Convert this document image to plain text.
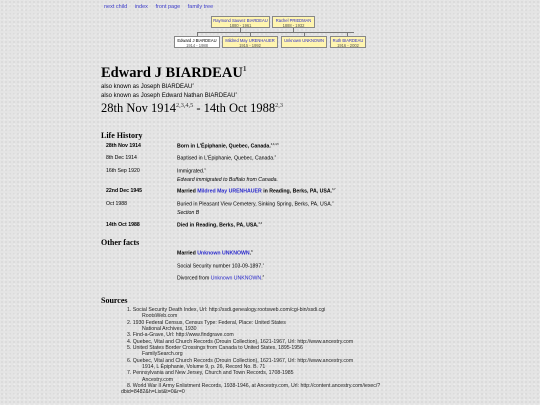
next child index front page family tree
Raymond Sauvez BIARDEAU
1880 - 1961
Rachel PRIEDMAN
1888 - 1932
Edward J BIARDEAU
1914 - 1988
Mildred May URENHAUER
1915 - 1992
Unknown UNKNOWN	Ruth BIARDEAU
1916 - 2002
Edward J BIARDEAU$^1$
also known as Joseph BIARDEAU$^2$
also known as Joseph Edward Nathan BIARDEAU$^4$
28th Nov 1914$^{2,3,4,5}$ - 14th Oct 1988$^{2,3}$
Life History
28th Nov 1914	Born in L'Épiphanie, Quebec, Canada.$^{2,3,4,5}$
8th Dec 1914	Baptised in L'Épiphanie, Quebec, Canada.$^6$
16th Sep 1920	Immigrated.$^6$
Edward immigrated to Buffalo from Canada.
22nd Dec 1945	Married Mildred May URENHAUER in Reading, Berks, PA, USA.$^{3,7}$
Oct 1988	Buried in Pleasant View Cemetery, Sinking Spring, Berks, PA, USA.$^3$
Section B
14th Oct 1988	Died in Reading, Berks, PA, USA.$^{2,3}$
Other facts
Married Unknown UNKNOWN.$^8$
Social Security number 103-09-1897.$^1$
Divorced from Unknown UNKNOWN.$^8$
Sources
1. Social Security Death Index, Url: http://ssdi.genealogy.rootsweb.com/cgi-bin/ssdi.cgi
RootsWeb.com
2. 1930 Federal Census, Census Type: Federal, Place: United States
National Archives, 1930
3. Find-a-Grave, Url: http://www.findgrave.com
4. Quebec, Vital and Church Records (Drouin Collection), 1621-1967, Url: http://www.ancestry.com
5. United States Border Crossings from Canada to United States, 1895-1956
FamilySearch.org
6. Quebec, Vital and Church Records (Drouin Collection), 1621-1967, Url: http://www.ancestry.com
1914, L Épiphanie, Volume 9, p. 26, Record No. B. 71
7. Pennsylvania and New Jersey, Church and Town Records, 1708-1985
Ancestry.com
8. World War II Army Enlistment Records, 1938-1946, at Ancestry.com, Url: http://content.ancestry.com/iexec/?
dbid=8482&h=List&t=0&r=0
